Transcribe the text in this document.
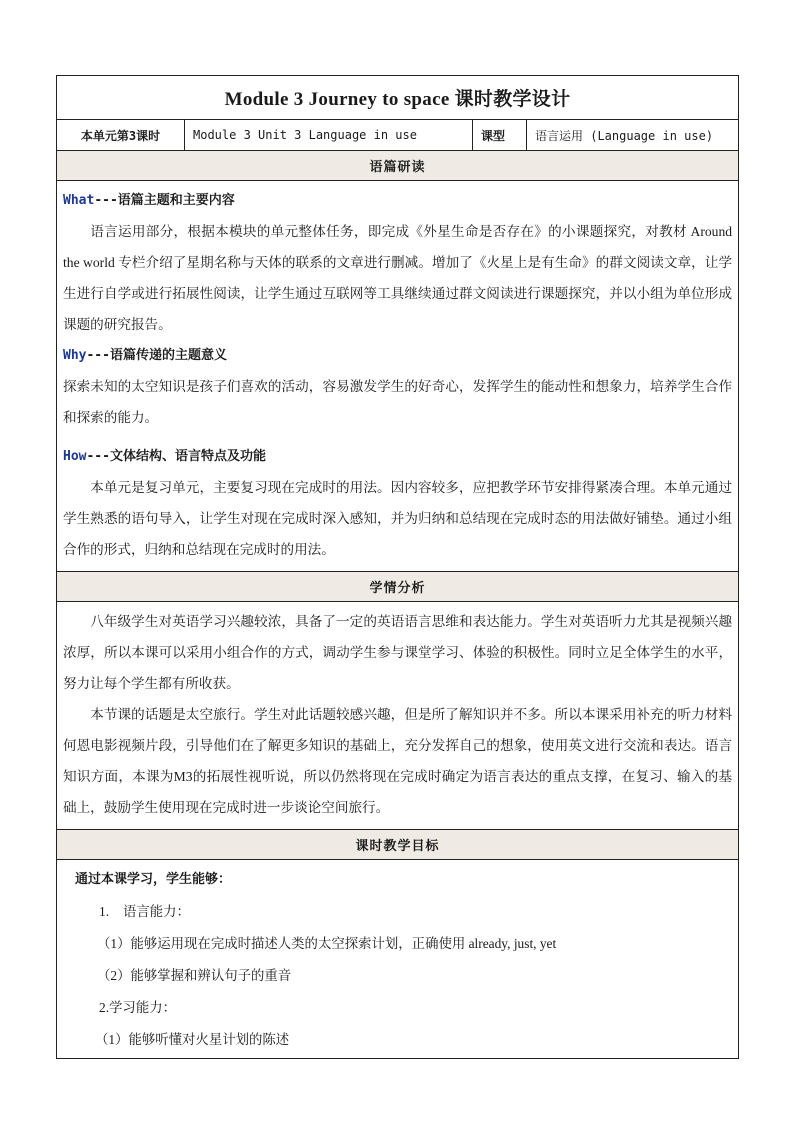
Module 3 Journey to space 课时教学设计
本单元第3课时	Module 3 Unit 3 Language in use	课型	语言运用 (Language in use)
语篇研读

What---语篇主题和主要内容

语言运用部分，根据本模块的单元整体任务，即完成《外星生命是否存在》的小课题探究，对教材 Around the world 专栏介绍了星期名称与天体的联系的文章进行删减。增加了《火星上是有生命》的群文阅读文章，让学生进行自学或进行拓展性阅读，让学生通过互联网等工具继续通过群文阅读进行课题探究，并以小组为单位形成课题的研究报告。

Why---语篇传递的主题意义

探索未知的太空知识是孩子们喜欢的活动，容易激发学生的好奇心，发挥学生的能动性和想象力，培养学生合作和探索的能力。

How---文体结构、语言特点及功能

本单元是复习单元，主要复习现在完成时的用法。因内容较多，应把教学环节安排得紧凑合理。本单元通过学生熟悉的语句导入，让学生对现在完成时深入感知，并为归纳和总结现在完成时态的用法做好铺垫。通过小组合作的形式，归纳和总结现在完成时的用法。

学情分析

八年级学生对英语学习兴趣较浓，具备了一定的英语语言思维和表达能力。学生对英语听力尤其是视频兴趣浓厚，所以本课可以采用小组合作的方式，调动学生参与课堂学习、体验的积极性。同时立足全体学生的水平，努力让每个学生都有所收获。

本节课的话题是太空旅行。学生对此话题较感兴趣，但是所了解知识并不多。所以本课采用补充的听力材料何恩电影视频片段，引导他们在了解更多知识的基础上，充分发挥自己的想象，使用英文进行交流和表达。语言知识方面，本课为M3的拓展性视听说，所以仍然将现在完成时确定为语言表达的重点支撑，在复习、输入的基础上，鼓励学生使用现在完成时进一步谈论空间旅行。

课时教学目标

通过本课学习，学生能够：

1. 语言能力：

（1）能够运用现在完成时描述人类的太空探索计划，正确使用 already, just, yet

（2）能够掌握和辨认句子的重音

2.学习能力：

（1）能够听懂对火星计划的陈述
